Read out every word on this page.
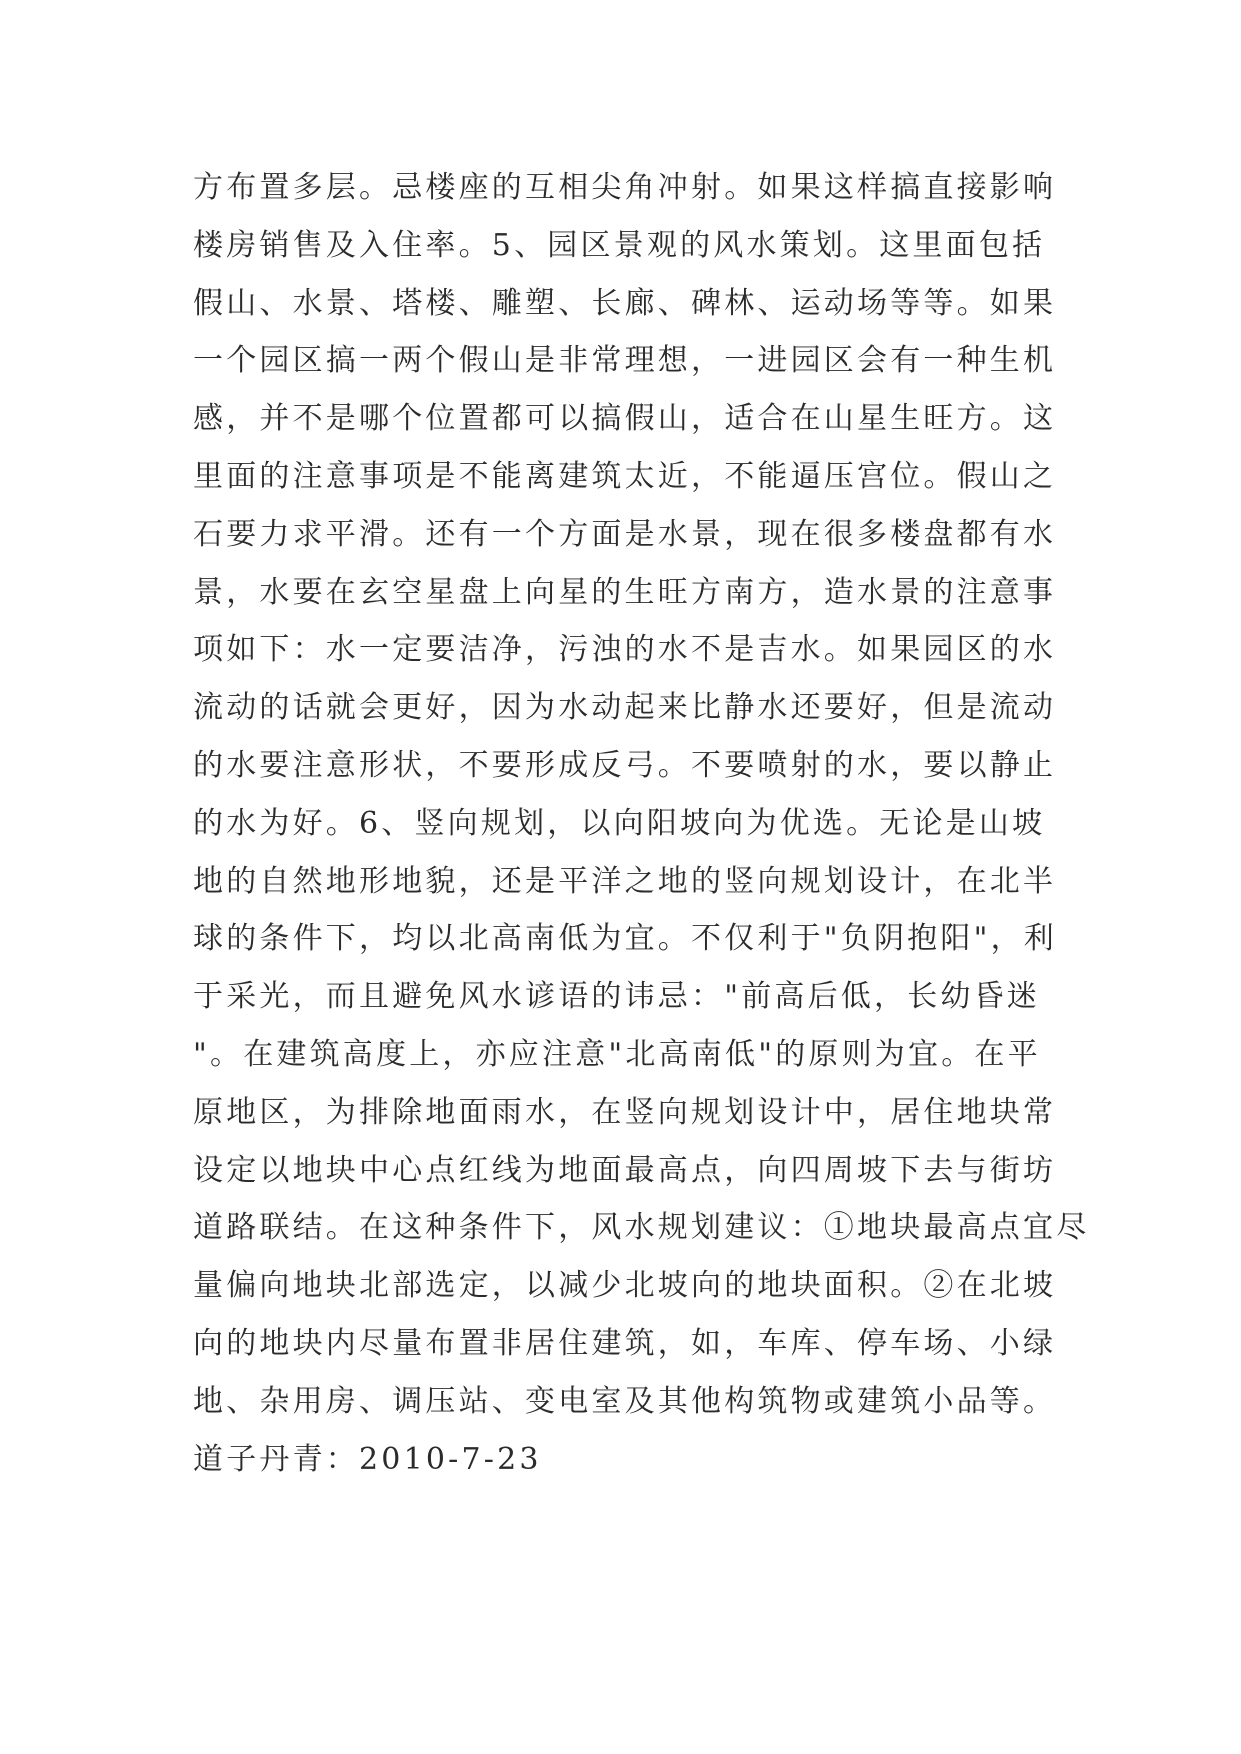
方布置多层。忌楼座的互相尖角冲射。如果这样搞直接影响
楼房销售及入住率。5、园区景观的风水策划。这里面包括
假山、水景、塔楼、雕塑、长廊、碑林、运动场等等。如果
一个园区搞一两个假山是非常理想，一进园区会有一种生机
感，并不是哪个位置都可以搞假山，适合在山星生旺方。这
里面的注意事项是不能离建筑太近，不能逼压宫位。假山之
石要力求平滑。还有一个方面是水景，现在很多楼盘都有水
景，水要在玄空星盘上向星的生旺方南方，造水景的注意事
项如下：水一定要洁净，污浊的水不是吉水。如果园区的水
流动的话就会更好，因为水动起来比静水还要好，但是流动
的水要注意形状，不要形成反弓。不要喷射的水，要以静止
的水为好。6、竖向规划，以向阳坡向为优选。无论是山坡
地的自然地形地貌，还是平洋之地的竖向规划设计，在北半
球的条件下，均以北高南低为宜。不仅利于"负阴抱阳"，利
于采光，而且避免风水谚语的讳忌："前高后低，长幼昏迷
"。在建筑高度上，亦应注意"北高南低"的原则为宜。在平
原地区，为排除地面雨水，在竖向规划设计中，居住地块常
设定以地块中心点红线为地面最高点，向四周坡下去与街坊
道路联结。在这种条件下，风水规划建议：①地块最高点宜尽
量偏向地块北部选定，以减少北坡向的地块面积。②在北坡
向的地块内尽量布置非居住建筑，如，车库、停车场、小绿
地、杂用房、调压站、变电室及其他构筑物或建筑小品等。
道子丹青：2010-7-23
